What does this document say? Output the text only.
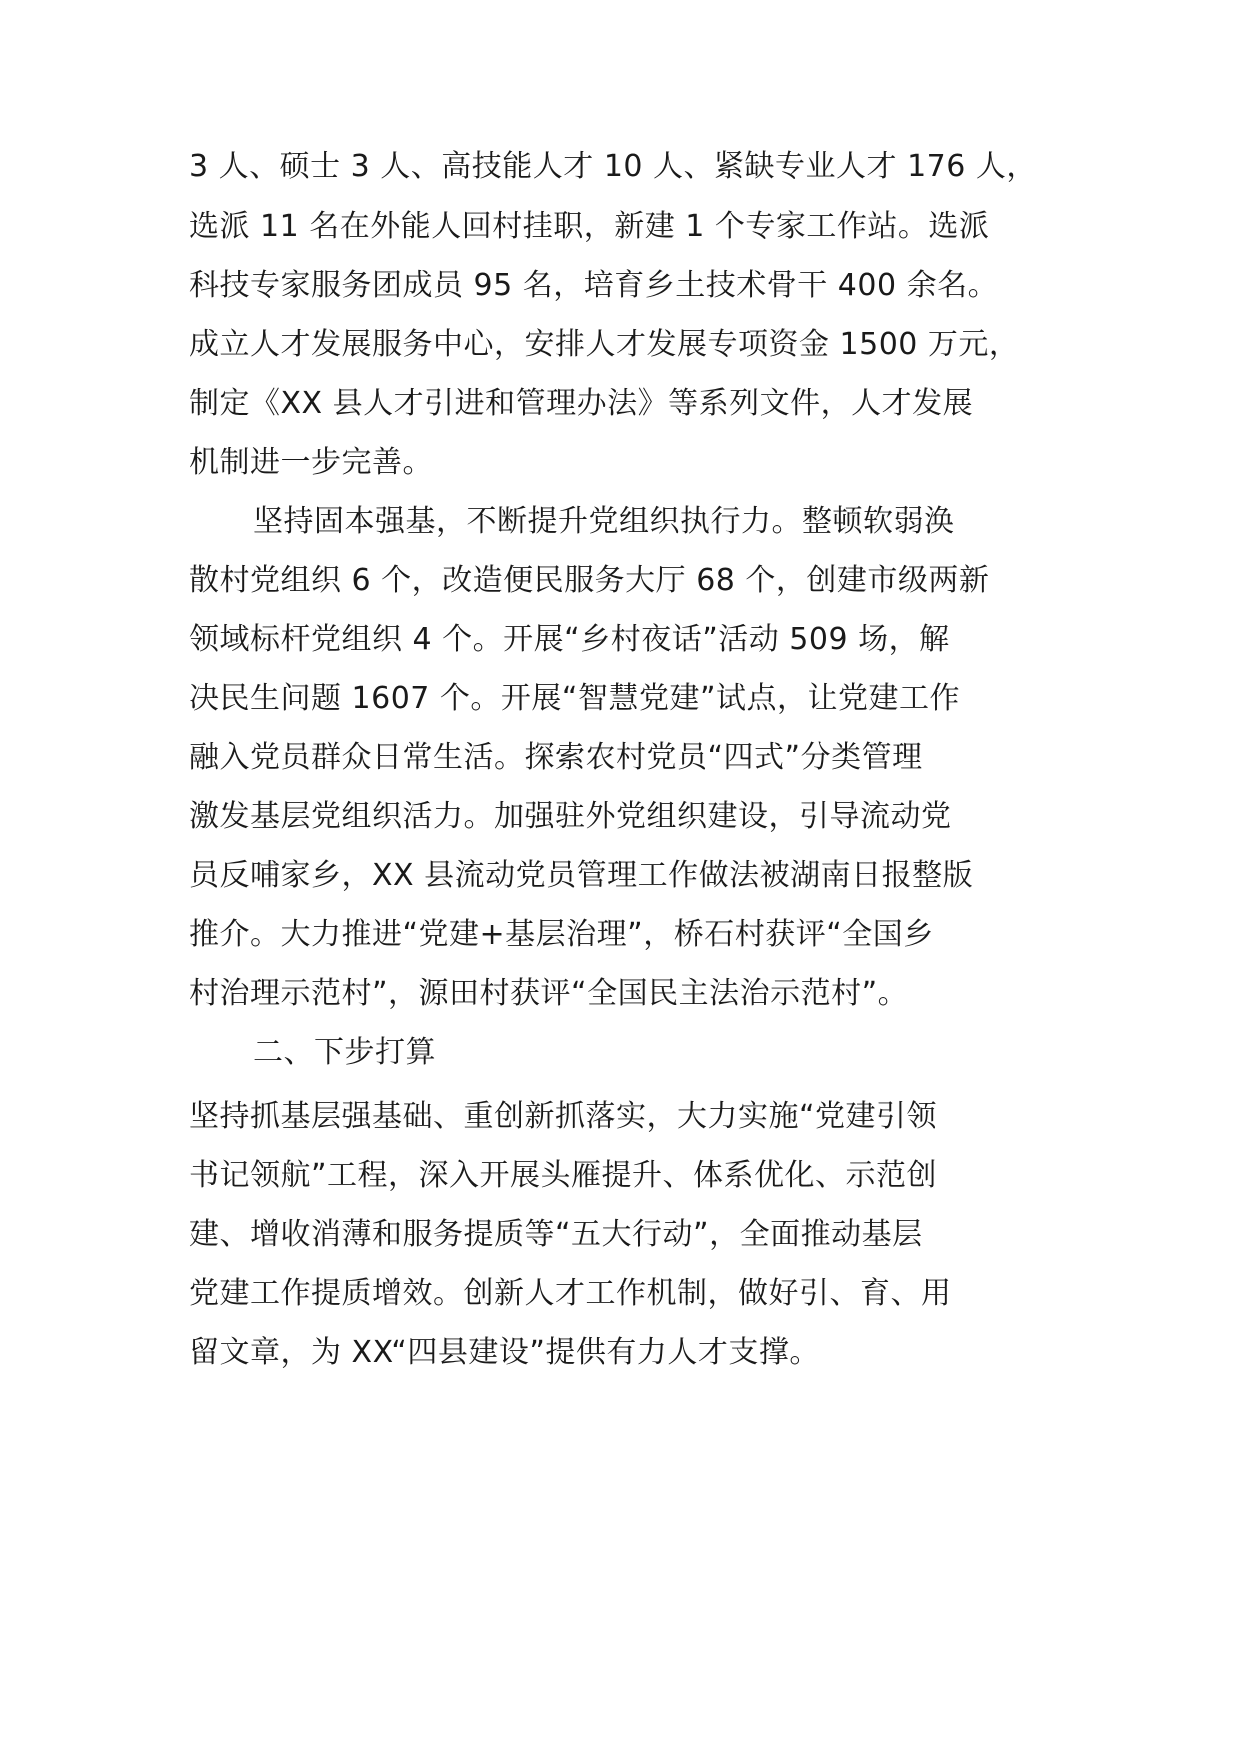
3 人、硕士 3 人、高技能人才 10 人、紧缺专业人才 176 人，
选派 11 名在外能人回村挂职，新建 1 个专家工作站。选派
科技专家服务团成员 95 名，培育乡土技术骨干 400 余名。
成立人才发展服务中心，安排人才发展专项资金 1500 万元，
制定《XX 县人才引进和管理办法》等系列文件，人才发展
机制进一步完善。
坚持固本强基，不断提升党组织执行力。整顿软弱涣
散村党组织 6 个，改造便民服务大厅 68 个，创建市级两新
领域标杆党组织 4 个。开展“乡村夜话”活动 509 场，解
决民生问题 1607 个。开展“智慧党建”试点，让党建工作
融入党员群众日常生活。探索农村党员“四式”分类管理
激发基层党组织活力。加强驻外党组织建设，引导流动党
员反哺家乡，XX 县流动党员管理工作做法被湖南日报整版
推介。大力推进“党建+基层治理”，桥石村获评“全国乡
村治理示范村”，源田村获评“全国民主法治示范村”。
二、下步打算
坚持抓基层强基础、重创新抓落实，大力实施“党建引领
书记领航”工程，深入开展头雁提升、体系优化、示范创
建、增收消薄和服务提质等“五大行动”，全面推动基层
党建工作提质增效。创新人才工作机制，做好引、育、用
留文章，为 XX“四县建设”提供有力人才支撑。
